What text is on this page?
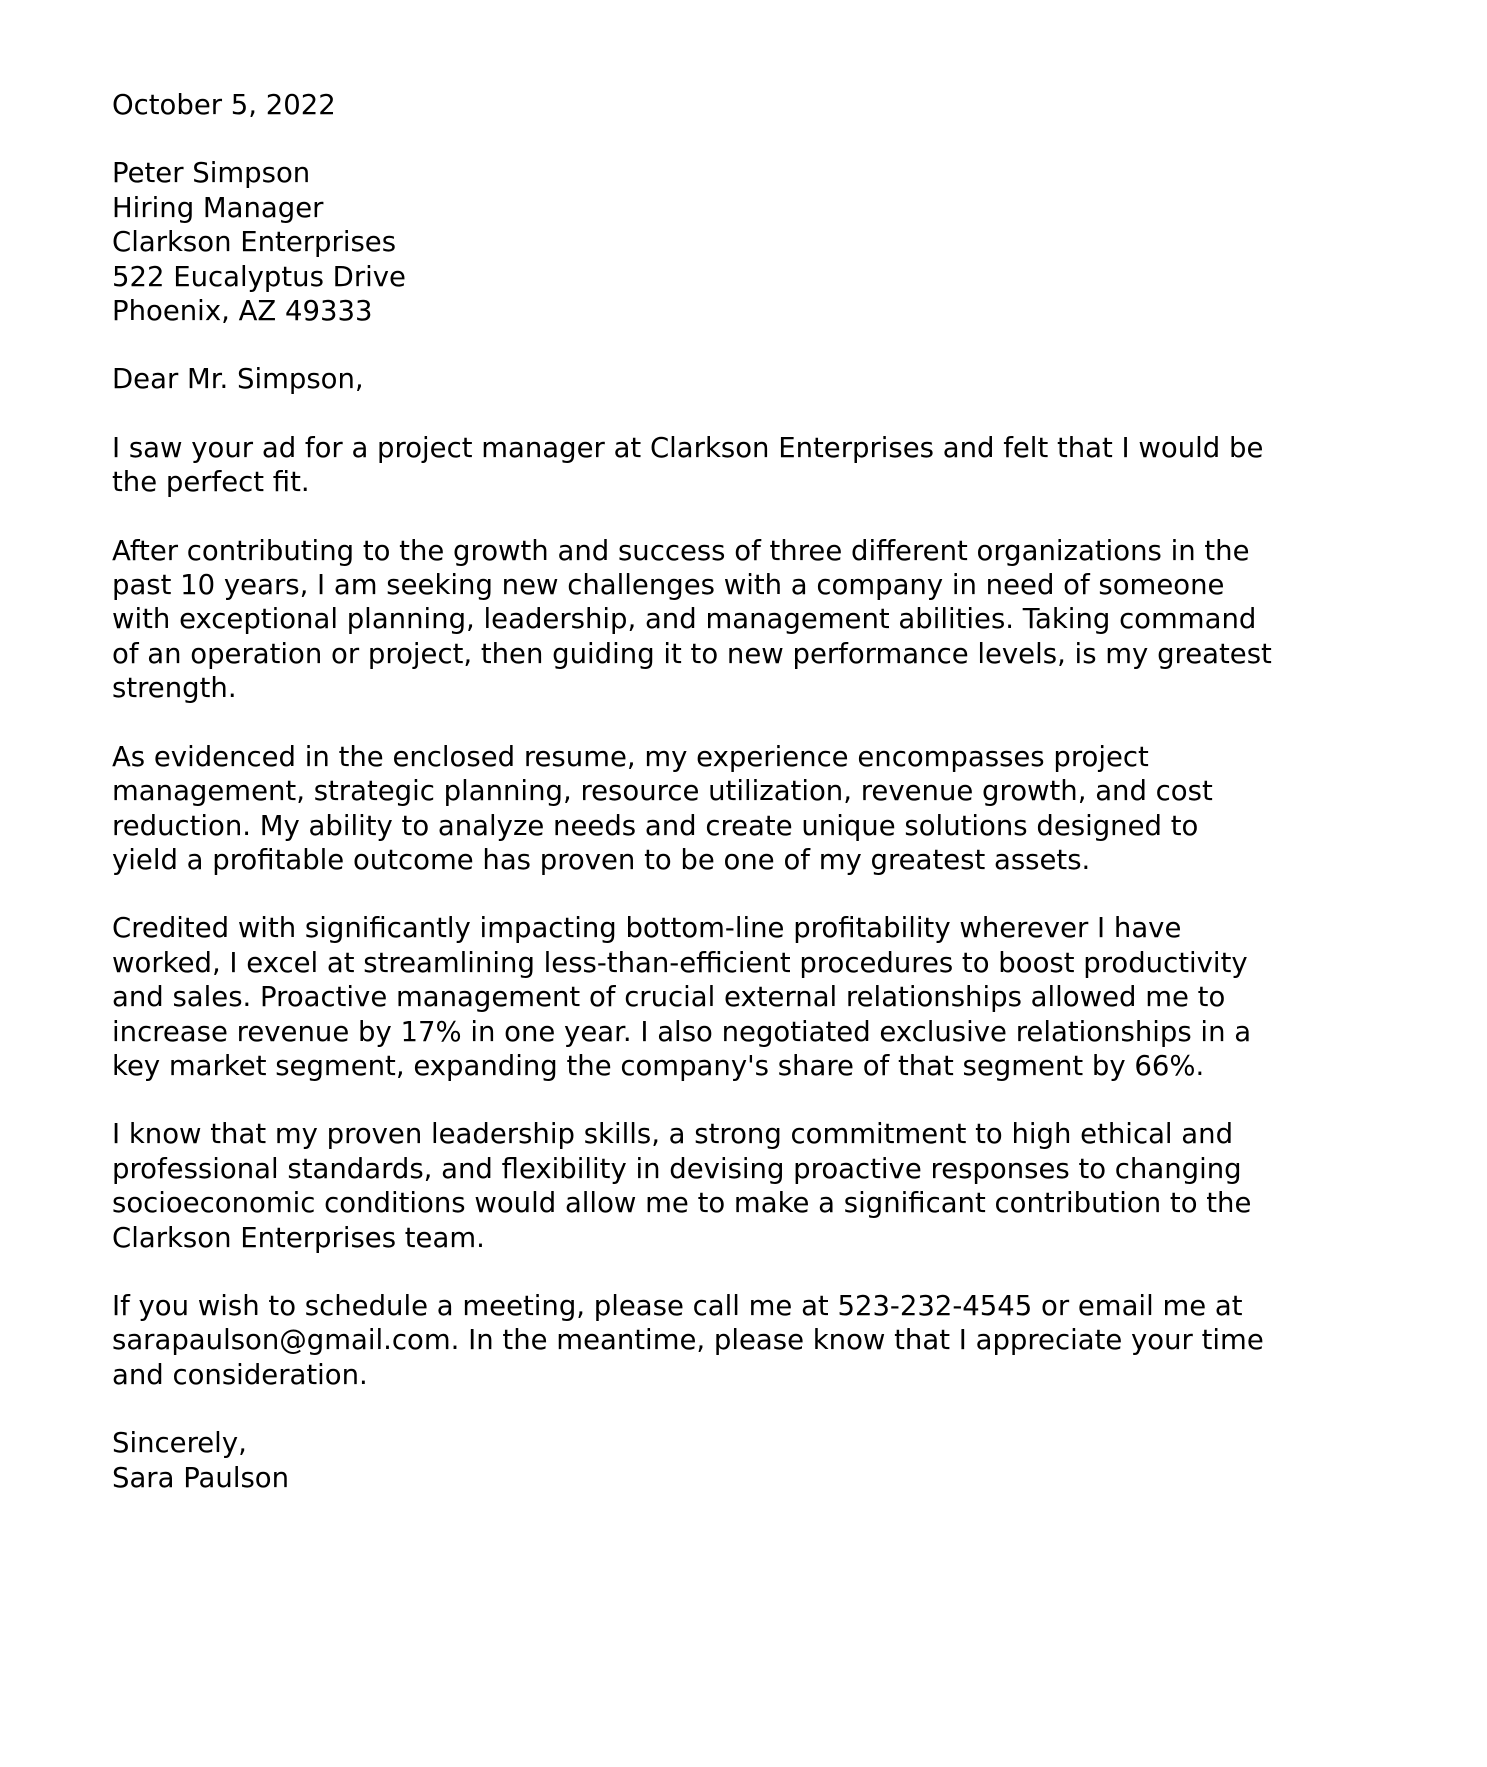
October 5, 2022
Peter Simpson
Hiring Manager
Clarkson Enterprises
522 Eucalyptus Drive
Phoenix, AZ 49333
Dear Mr. Simpson,

I saw your ad for a project manager at Clarkson Enterprises and felt that I would be the perfect fit.

After contributing to the growth and success of three different organizations in the past 10 years, I am seeking new challenges with a company in need of someone with exceptional planning, leadership, and management abilities. Taking command of an operation or project, then guiding it to new performance levels, is my greatest strength.

As evidenced in the enclosed resume, my experience encompasses project management, strategic planning, resource utilization, revenue growth, and cost reduction. My ability to analyze needs and create unique solutions designed to yield a profitable outcome has proven to be one of my greatest assets.

Credited with significantly impacting bottom-line profitability wherever I have worked, I excel at streamlining less-than-efficient procedures to boost productivity and sales. Proactive management of crucial external relationships allowed me to increase revenue by 17% in one year. I also negotiated exclusive relationships in a key market segment, expanding the company's share of that segment by 66%.

I know that my proven leadership skills, a strong commitment to high ethical and professional standards, and flexibility in devising proactive responses to changing socioeconomic conditions would allow me to make a significant contribution to the Clarkson Enterprises team.

If you wish to schedule a meeting, please call me at 523-232-4545 or email me at sarapaulson@gmail.com. In the meantime, please know that I appreciate your time and consideration.

Sincerely,
Sara Paulson
